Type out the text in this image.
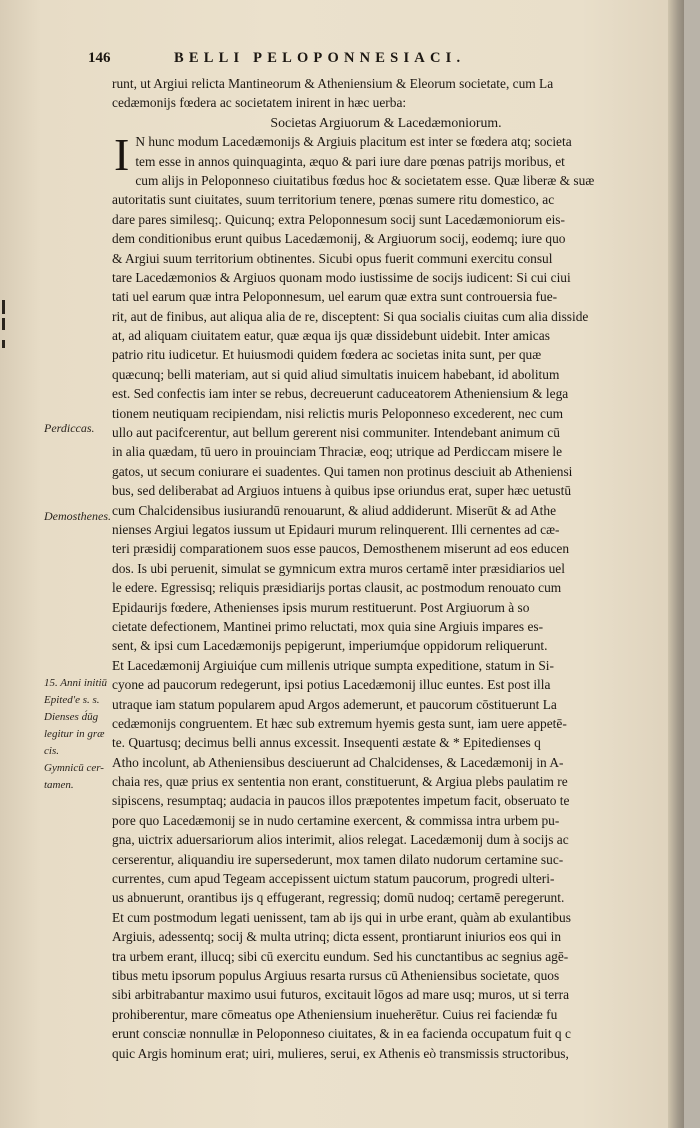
146	BELLI PELOPONNESIACI.
runt, ut Argiui relicta Mantineorum & Atheniensium & Eleorum societate, cum La
cedæmonijs fœdera ac societatem inirent in hæc uerba:
Societas Argiuorum & Lacedæmoniorum.
I N hunc modum Lacedæmonijs & Argiuis placitum est inter se fœdera atq; societa
tem esse in annos quinquaginta, æquo & pari iure dare pœnas patrijs moribus, et
cum alijs in Peloponneso ciuitatibus fœdus hoc & societatem esse. Quæ liberæ & suæ
autoritatis sunt ciuitates, suum territorium tenere, pœnas sumere ritu domestico, ac
dare pares similesq;. Quicunq; extra Peloponnesum socij sunt Lacedæmoniorum eis-
dem conditionibus erunt quibus Lacedæmonij, & Argiuorum socij, eodemq; iure quo
& Argiui suum territorium obtinentes. Sicubi opus fuerit communi exercitu consul
tare Lacedæmonios & Argiuos quonam modo iustissime de socijs iudicent: Si cui ciui
tati uel earum quæ intra Peloponnesum, uel earum quæ extra sunt controuersia fue-
rit, aut de finibus, aut aliqua alia de re, disceptent: Si qua socialis ciuitas cum alia disside
at, ad aliquam ciuitatem eatur, quæ æqua ijs quæ dissidebunt uidebit. Inter amicas
patrio ritu iudicetur. Et huiusmodi quidem fœdera ac societas inita sunt, per quæ
quæcunq; belli materiam, aut si quid aliud simultatis inuicem habebant, id abolitum
est. Sed confectis iam inter se rebus, decreuerunt caduceatorem Atheniensium & lega
tionem neutiquam recipiendam, nisi relictis muris Peloponneso excederent, nec cum
ullo aut pacifcerentur, aut bellum gererent nisi communiter. Intendebant animum cū
in alia quædam, tū uero in prouinciam Thraciæ, eoq; utrique ad Perdiccam misere le
gatos, ut secum coniurare ei suadentes. Qui tamen non protinus desciuit ab Atheniensi
bus, sed deliberabat ad Argiuos intuens à quibus ipse oriundus erat, super hæc uetustū
cum Chalcidensibus iusiurandū renouarunt, & aliud addiderunt. Miserūt & ad Athe
nienses Argiui legatos iussum ut Epidauri murum relinquerent. Illi cernentes ad cæ-
teri præsidij comparationem suos esse paucos, Demosthenem miserunt ad eos educen
dos. Is ubi peruenit, simulat se gymnicum extra muros certamē inter præsidiarios uel
le edere. Egressisq; reliquis præsidiarijs portas clausit, ac postmodum renouato cum
Epidaurijs fœdere, Athenienses ipsis murum restituerunt. Post Argiuorum à so
cietate defectionem, Mantinei primo reluctati, mox quia sine Argiuis impares es-
sent, & ipsi cum Lacedæmonijs pepigerunt, imperiumq́ue oppidorum reliquerunt.
Et Lacedæmonij Argiuiq́ue cum millenis utrique sumpta expeditione, statum in Si-
cyone ad paucorum redegerunt, ipsi potius Lacedæmonij illuc euntes. Est post illa
utraque iam statum popularem apud Argos ademerunt, et paucorum cōstituerunt La
cedæmonijs congruentem. Et hæc sub extremum hyemis gesta sunt, iam uere appetē-
te. Quartusq; decimus belli annus excessit. Insequenti æstate & * Epitedienses q
Atho incolunt, ab Atheniensibus desciuerunt ad Chalcidenses, & Lacedæmonij in A-
chaia res, quæ prius ex sententia non erant, constituerunt, & Argiua plebs paulatim re
sipiscens, resumptaq; audacia in paucos illos præpotentes impetum facit, obseruato te
pore quo Lacedæmonij se in nudo certamine exercent, & commissa intra urbem pu-
gna, uictrix aduersariorum alios interimit, alios relegat. Lacedæmonij dum à socijs ac
cerserentur, aliquandiu ire supersederunt, mox tamen dilato nudorum certamine suc-
currentes, cum apud Tegeam accepissent uictum statum paucorum, progredi ulteri-
us abnuerunt, orantibus ijs q effugerant, regressiq; domū nudoq; certamē peregerunt.
Et cum postmodum legati uenissent, tam ab ijs qui in urbe erant, quàm ab exulantibus
Argiuis, adessentq; socij & multa utrinq; dicta essent, prontiarunt iniurios eos qui in
tra urbem erant, illucq; sibi cū exercitu eundum. Sed his cunctantibus ac segnius agē-
tibus metu ipsorum populus Argiuus resarta rursus cū Atheniensibus societate, quos
sibi arbitrabantur maximo usui futuros, excitauit lōgos ad mare usq; muros, ut si terra
prohiberentur, mare cōmeatus ope Atheniensium inueherētur. Cuius rei faciendæ fu
erunt consciæ nonnullæ in Peloponneso ciuitates, & in ea facienda occupatum fuit q c
quic Argis hominum erat; uiri, mulieres, serui, ex Athenis eò transmissis structoribus,
Perdiccas.
Demosthenes.
15. Anni initiū
Epited'e s. s.
Dienses d́ūg
legitur in græ
cis.
Gymnicū cer-
tamen.
